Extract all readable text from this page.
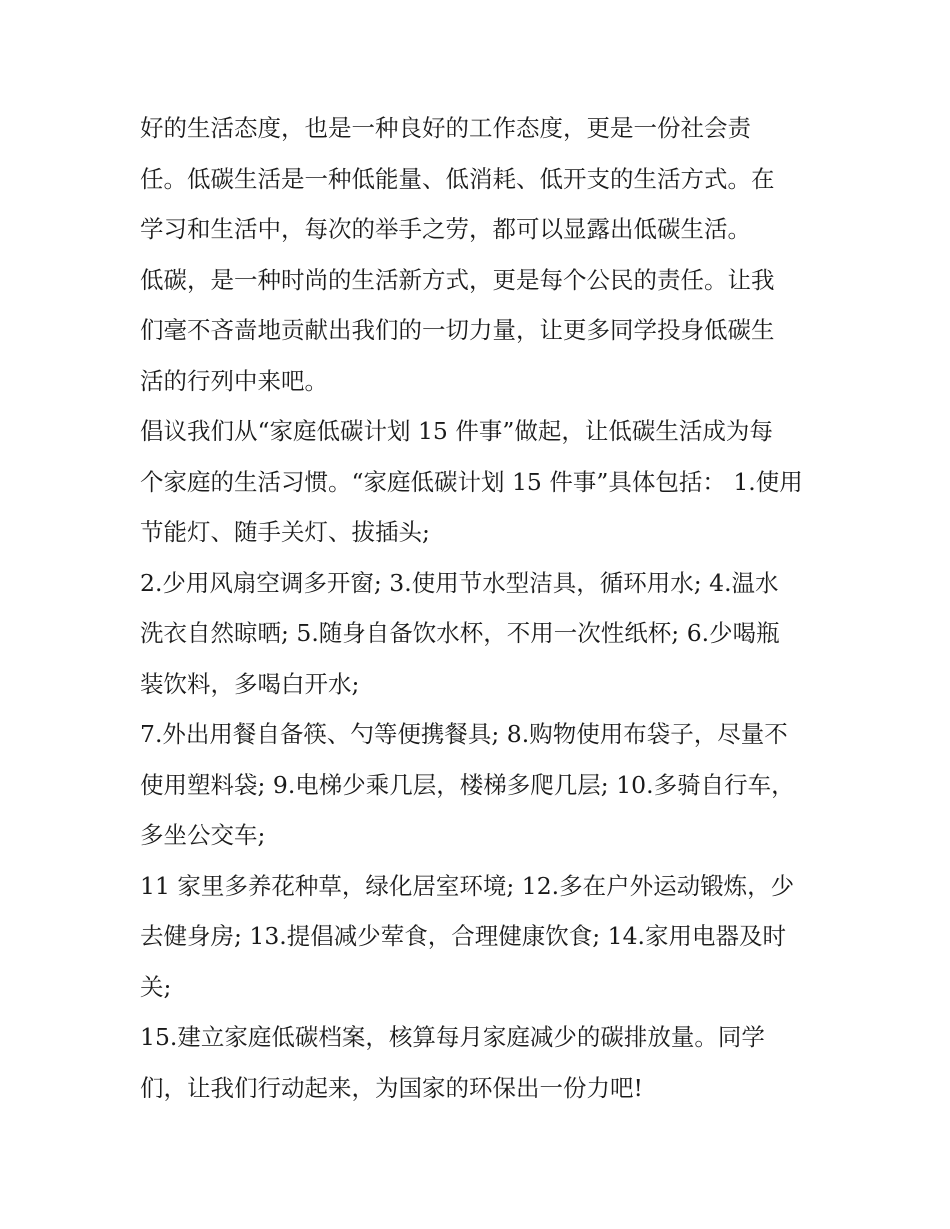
好的生活态度，也是一种良好的工作态度，更是一份社会责
任。低碳生活是一种低能量、低消耗、低开支的生活方式。在
学习和生活中，每次的举手之劳，都可以显露出低碳生活。
低碳，是一种时尚的生活新方式，更是每个公民的责任。让我
们毫不吝啬地贡献出我们的一切力量，让更多同学投身低碳生
活的行列中来吧。
倡议我们从“家庭低碳计划 15 件事”做起，让低碳生活成为每
个家庭的生活习惯。“家庭低碳计划 15 件事”具体包括： 1.使用
节能灯、随手关灯、拔插头;
2.少用风扇空调多开窗; 3.使用节水型洁具，循环用水; 4.温水
洗衣自然晾晒; 5.随身自备饮水杯，不用一次性纸杯; 6.少喝瓶
装饮料，多喝白开水;
7.外出用餐自备筷、勺等便携餐具; 8.购物使用布袋子，尽量不
使用塑料袋; 9.电梯少乘几层，楼梯多爬几层; 10.多骑自行车，
多坐公交车;
11 家里多养花种草，绿化居室环境; 12.多在户外运动锻炼，少
去健身房; 13.提倡减少荤食，合理健康饮食; 14.家用电器及时
关;
15.建立家庭低碳档案，核算每月家庭减少的碳排放量。同学
们，让我们行动起来，为国家的环保出一份力吧!
